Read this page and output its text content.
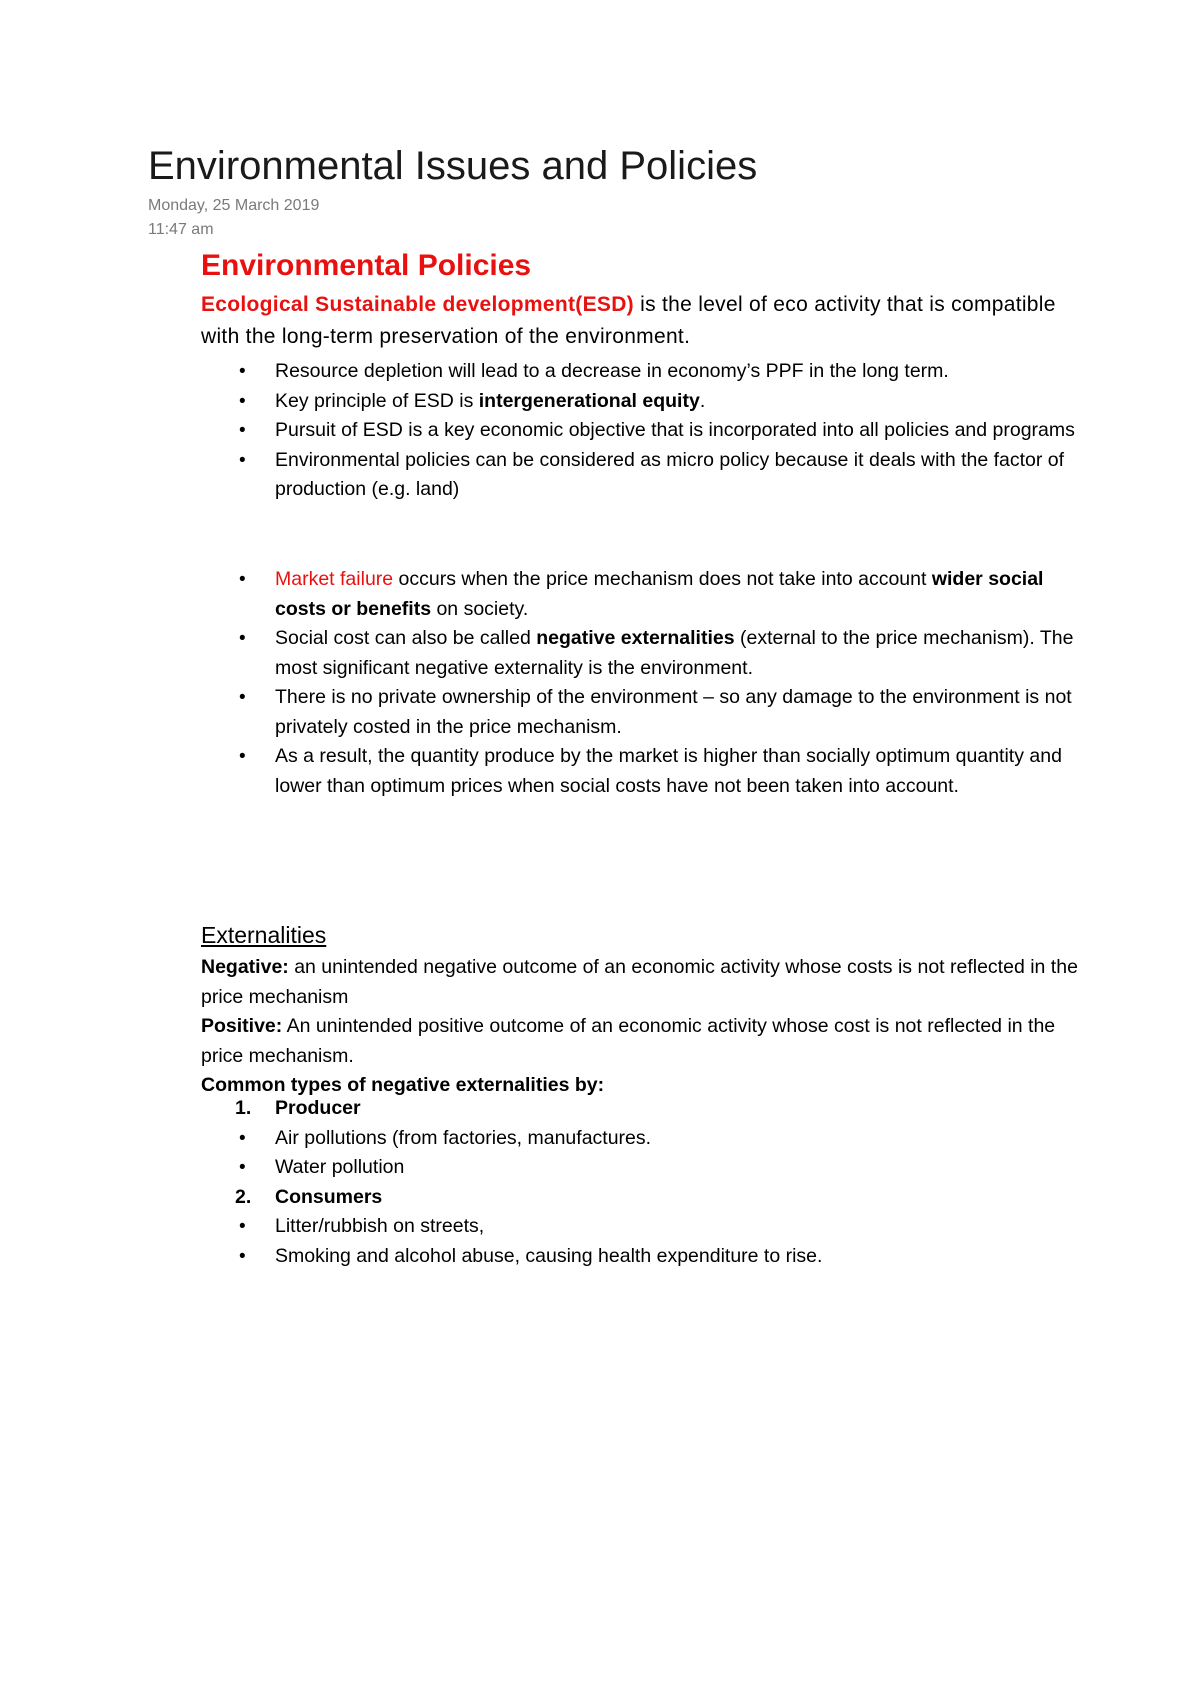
Environmental Issues and Policies
Monday, 25 March 2019
11:47 am
Environmental Policies
Ecological Sustainable development(ESD) is the level of eco activity that is compatible with the long-term preservation of the environment.
• Resource depletion will lead to a decrease in economy’s PPF in the long term.
• Key principle of ESD is intergenerational equity.
• Pursuit of ESD is a key economic objective that is incorporated into all policies and programs
• Environmental policies can be considered as micro policy because it deals with the factor of production (e.g. land)
• Market failure occurs when the price mechanism does not take into account wider social costs or benefits on society.
• Social cost can also be called negative externalities (external to the price mechanism). The most significant negative externality is the environment.
• There is no private ownership of the environment – so any damage to the environment is not privately costed in the price mechanism.
• As a result, the quantity produce by the market is higher than socially optimum quantity and lower than optimum prices when social costs have not been taken into account.
Externalities

Negative: an unintended negative outcome of an economic activity whose costs is not reflected in the price mechanism

Positive: An unintended positive outcome of an economic activity whose cost is not reflected in the price mechanism.

Common types of negative externalities by:

1. Producer
• Air pollutions (from factories, manufactures.
• Water pollution
2. Consumers
• Litter/rubbish on streets,
• Smoking and alcohol abuse, causing health expenditure to rise.
